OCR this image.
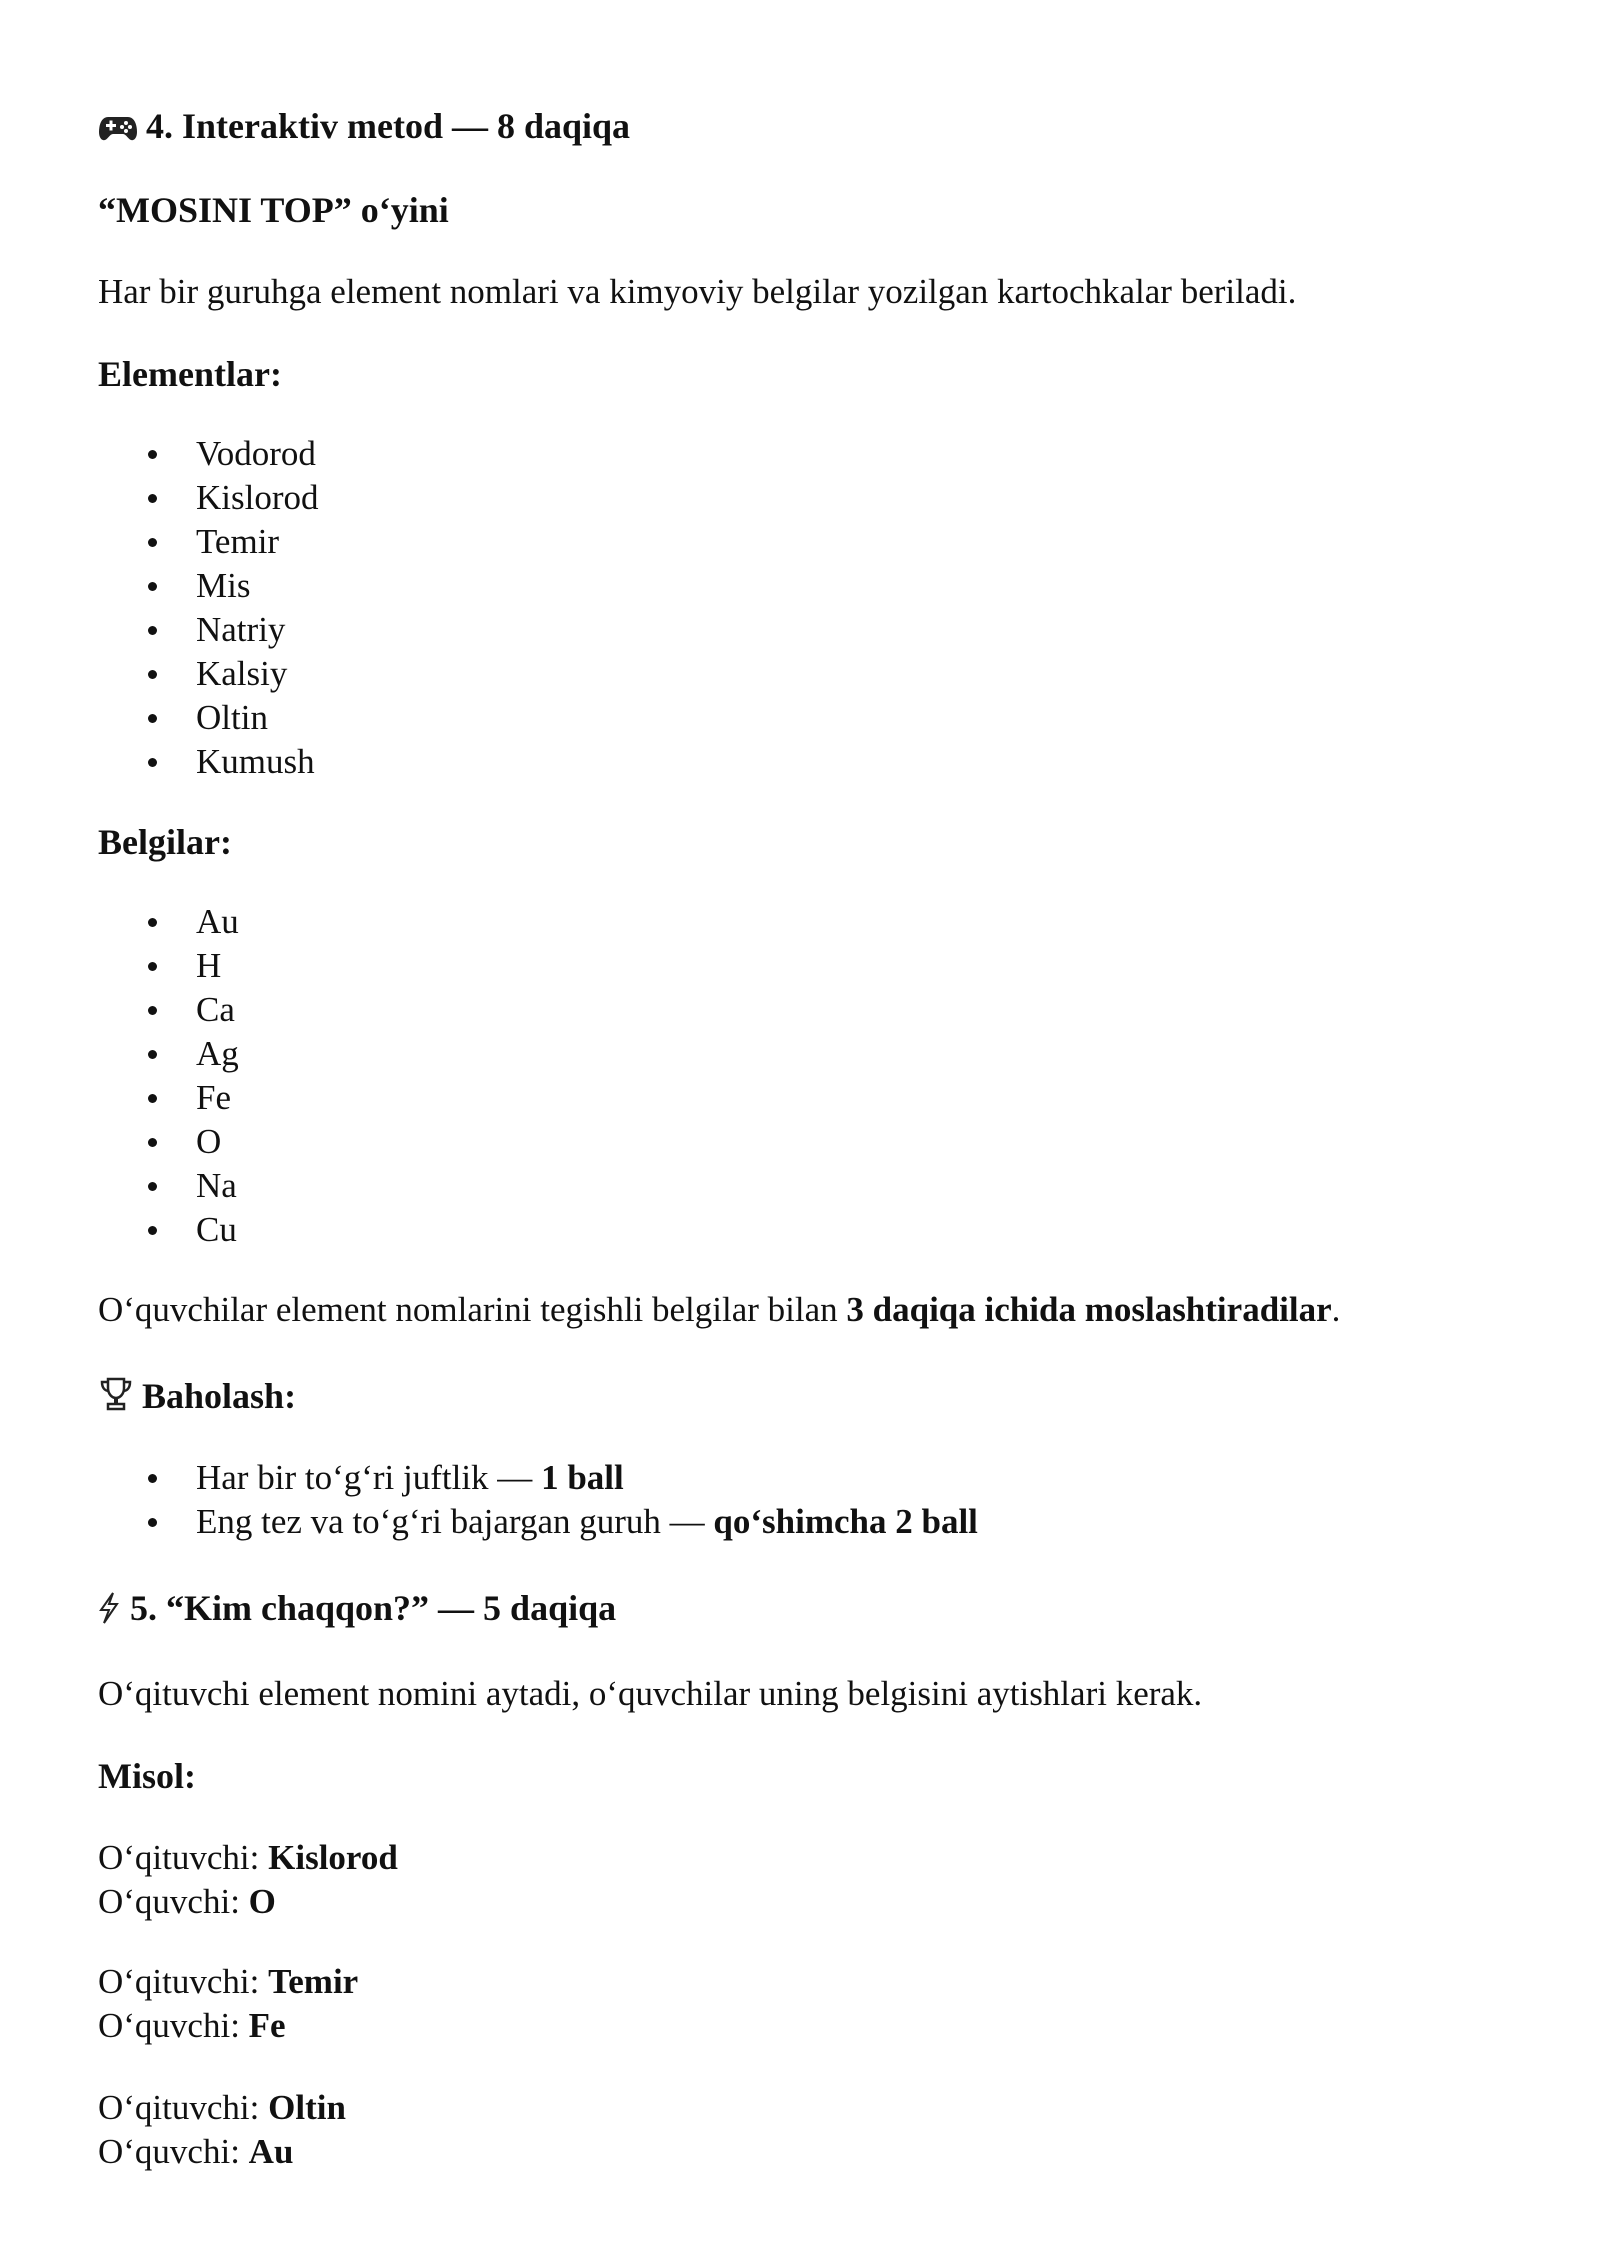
4. Interaktiv metod — 8 daqiqa
“MOSINI TOP” o‘yini
Har bir guruhga element nomlari va kimyoviy belgilar yozilgan kartochkalar beriladi.
Elementlar:
Vodorod
Kislorod
Temir
Mis
Natriy
Kalsiy
Oltin
Kumush
Belgilar:
Au
H
Ca
Ag
Fe
O
Na
Cu
O‘quvchilar element nomlarini tegishli belgilar bilan 3 daqiqa ichida moslashtiradilar.
Baholash:
Har bir to‘g‘ri juftlik — 1 ball
Eng tez va to‘g‘ri bajargan guruh — qo‘shimcha 2 ball
5. “Kim chaqqon?” — 5 daqiqa
O‘qituvchi element nomini aytadi, o‘quvchilar uning belgisini aytishlari kerak.
Misol:
O‘qituvchi: Kislorod
O‘quvchi: O
O‘qituvchi: Temir
O‘quvchi: Fe
O‘qituvchi: Oltin
O‘quvchi: Au
